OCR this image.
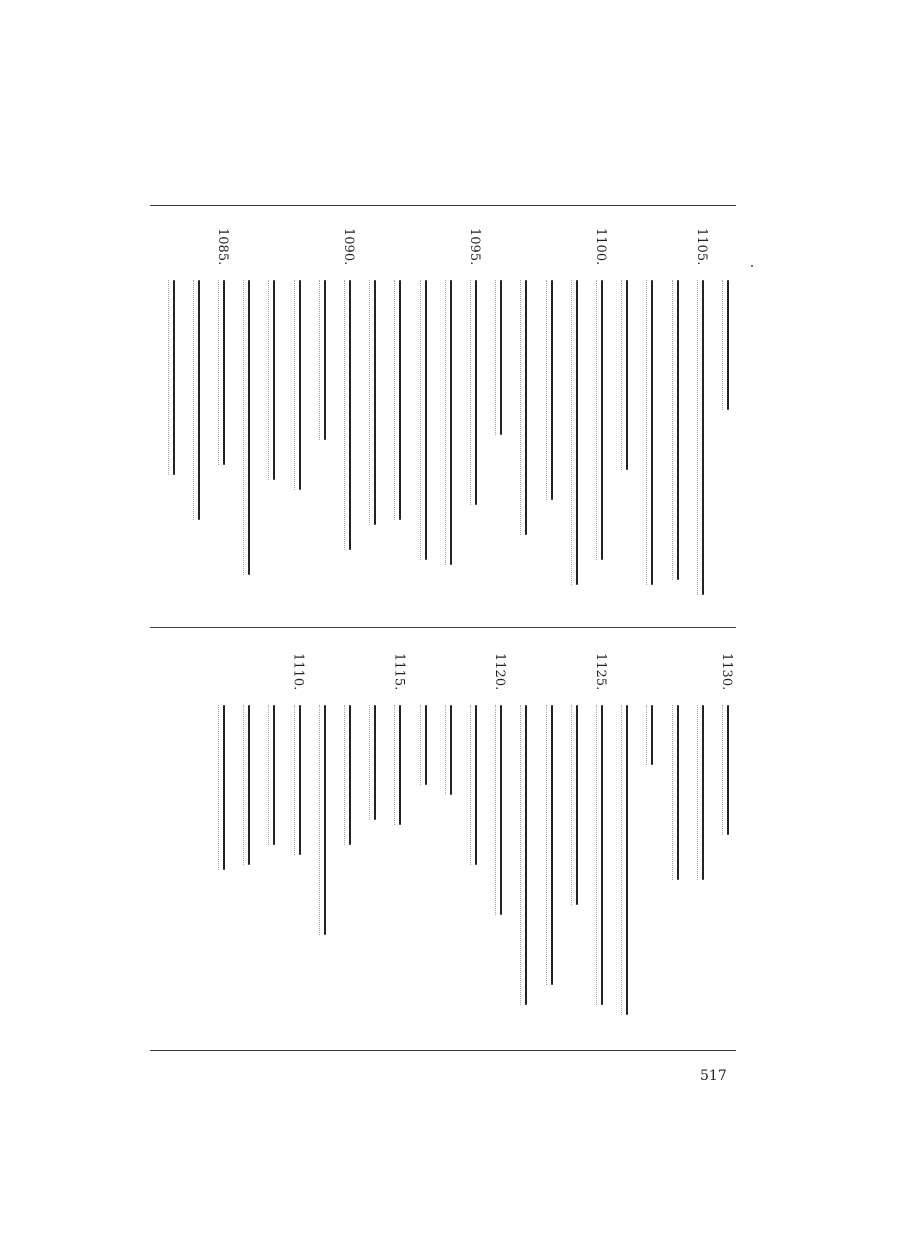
1105.
1100.
1095.
1090.
1085.
1130.
1125.
1120.
1115.
1110.
517
